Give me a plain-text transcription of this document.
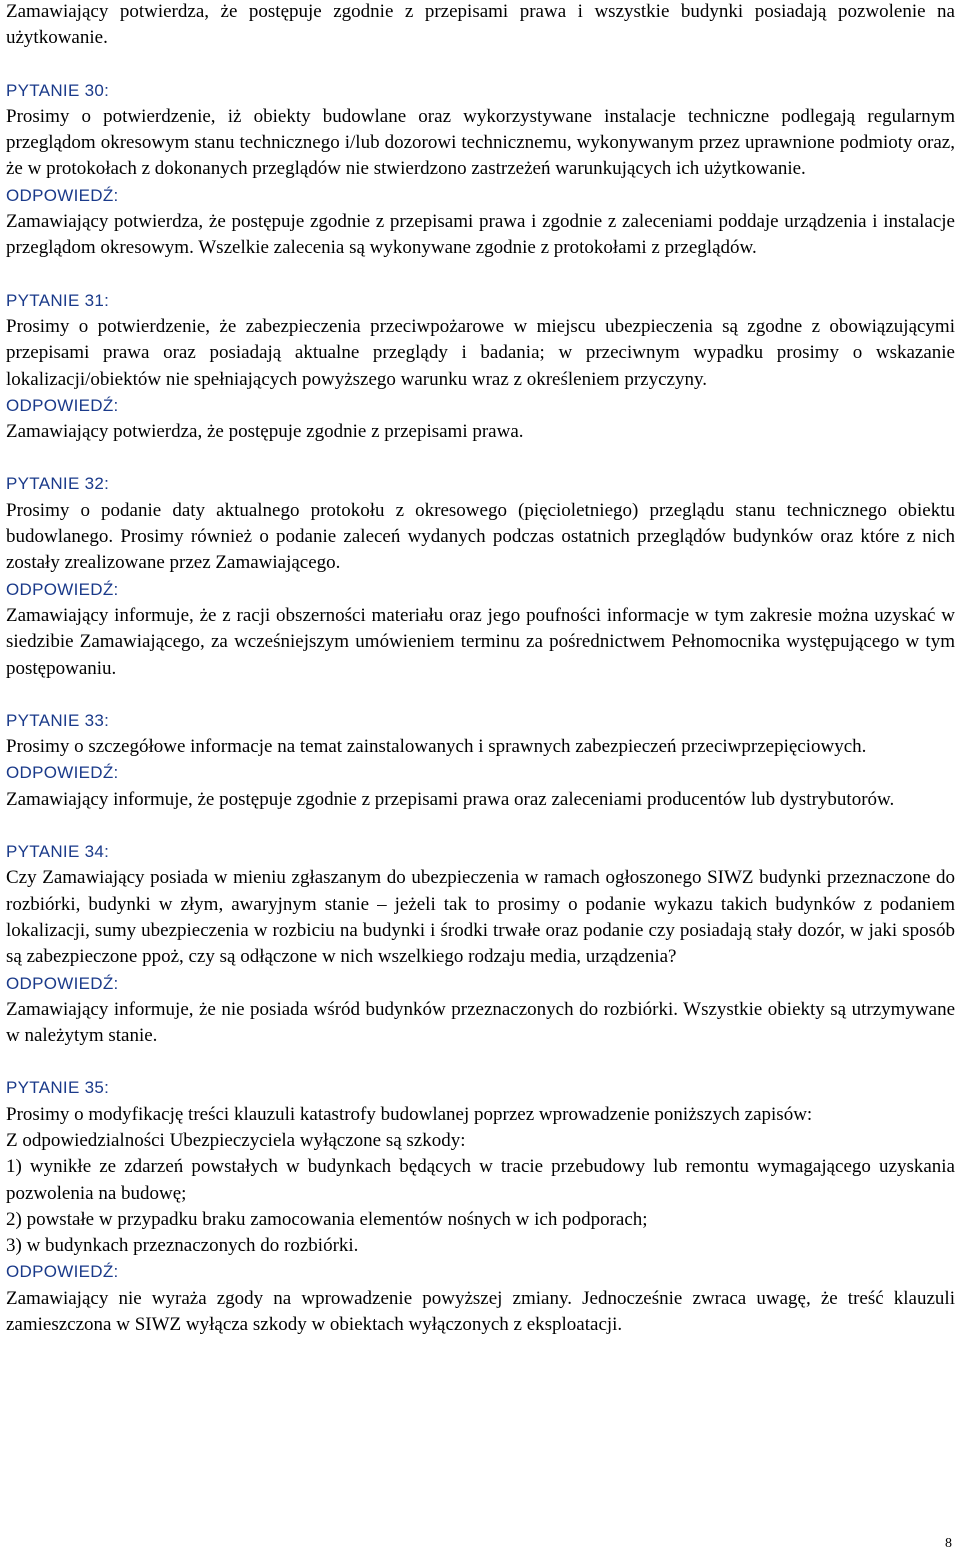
Zamawiający potwierdza, że postępuje zgodnie z przepisami prawa i wszystkie budynki posiadają pozwolenie na użytkowanie.

PYTANIE 30:

Prosimy o potwierdzenie, iż obiekty budowlane oraz wykorzystywane instalacje techniczne podlegają regularnym przeglądom okresowym stanu technicznego i/lub dozorowi technicznemu, wykonywanym przez uprawnione podmioty oraz, że w protokołach z dokonanych przeglądów nie stwierdzono zastrzeżeń warunkujących ich użytkowanie.

ODPOWIEDŹ:

Zamawiający potwierdza, że postępuje zgodnie z przepisami prawa i zgodnie z zaleceniami poddaje urządzenia i instalacje przeglądom okresowym. Wszelkie zalecenia są wykonywane zgodnie z protokołami z przeglądów.

PYTANIE 31:

Prosimy o potwierdzenie, że zabezpieczenia przeciwpożarowe w miejscu ubezpieczenia są zgodne z obowiązującymi przepisami prawa oraz posiadają aktualne przeglądy i badania; w przeciwnym wypadku prosimy o wskazanie lokalizacji/obiektów nie spełniających powyższego warunku wraz z określeniem przyczyny.

ODPOWIEDŹ:

Zamawiający potwierdza, że postępuje zgodnie z przepisami prawa.

PYTANIE 32:

Prosimy o podanie daty aktualnego protokołu z okresowego (pięcioletniego) przeglądu stanu technicznego obiektu budowlanego. Prosimy również o podanie zaleceń wydanych podczas ostatnich przeglądów budynków oraz które z nich zostały zrealizowane przez Zamawiającego.

ODPOWIEDŹ:

Zamawiający informuje, że z racji obszerności materiału oraz jego poufności informacje w tym zakresie można uzyskać w siedzibie Zamawiającego, za wcześniejszym umówieniem terminu za pośrednictwem Pełnomocnika występującego w tym postępowaniu.

PYTANIE 33:

Prosimy o szczegółowe informacje na temat zainstalowanych i sprawnych zabezpieczeń przeciwprzepięciowych.

ODPOWIEDŹ:

Zamawiający informuje, że postępuje zgodnie z przepisami prawa oraz zaleceniami producentów lub dystrybutorów.

PYTANIE 34:

Czy Zamawiający posiada w mieniu zgłaszanym do ubezpieczenia w ramach ogłoszonego SIWZ budynki przeznaczone do rozbiórki, budynki w złym, awaryjnym stanie – jeżeli tak to prosimy o podanie wykazu takich budynków z podaniem lokalizacji, sumy ubezpieczenia w rozbiciu na budynki i środki trwałe oraz podanie czy posiadają stały dozór, w jaki sposób są zabezpieczone ppoż, czy są odłączone w nich wszelkiego rodzaju media, urządzenia?

ODPOWIEDŹ:

Zamawiający informuje, że nie posiada wśród budynków przeznaczonych do rozbiórki. Wszystkie obiekty są utrzymywane w należytym stanie.

PYTANIE 35:

Prosimy o modyfikację treści klauzuli katastrofy budowlanej poprzez wprowadzenie poniższych zapisów:

Z odpowiedzialności Ubezpieczyciela wyłączone są szkody:

1) wynikłe ze zdarzeń powstałych w budynkach będących w tracie przebudowy lub remontu wymagającego uzyskania pozwolenia na budowę;

2) powstałe w przypadku braku zamocowania elementów nośnych w ich podporach;

3) w budynkach przeznaczonych do rozbiórki.

ODPOWIEDŹ:

Zamawiający nie wyraża zgody na wprowadzenie powyższej zmiany. Jednocześnie zwraca uwagę, że treść klauzuli zamieszczona w SIWZ wyłącza szkody w obiektach wyłączonych z eksploatacji.

8
